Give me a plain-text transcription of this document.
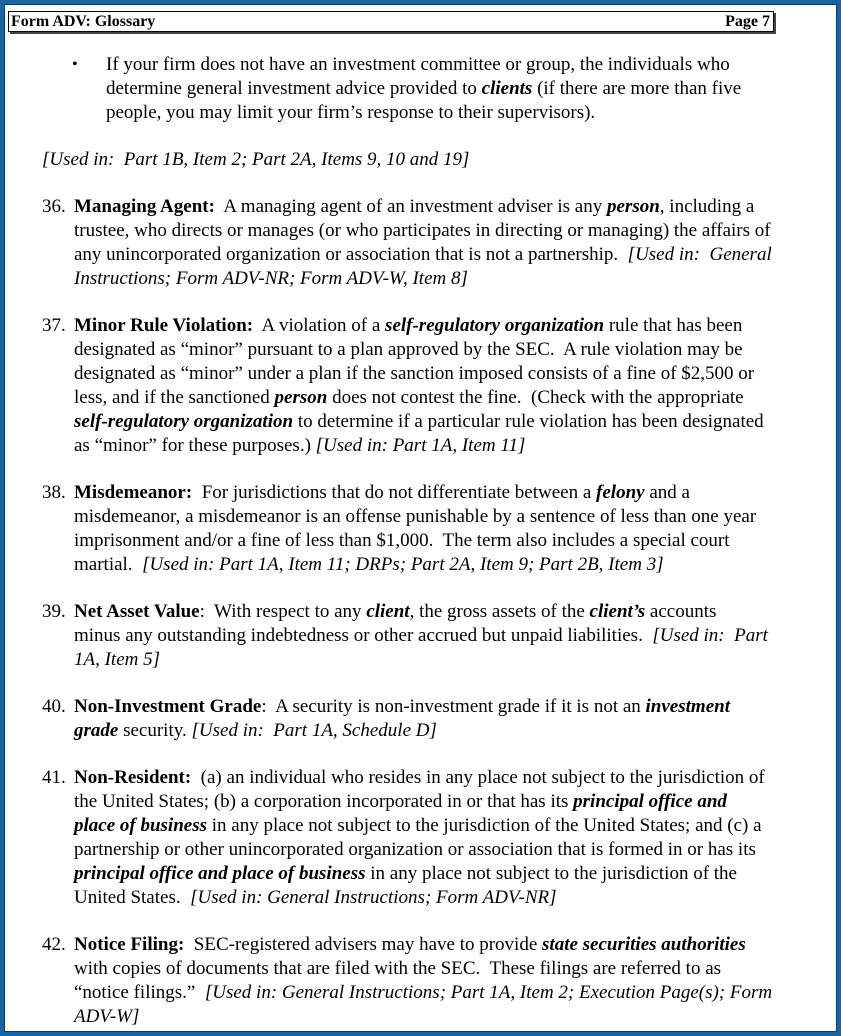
Form ADV: Glossary	Page 7
•	If your firm does not have an investment committee or group, the individuals who
determine general investment advice provided to clients (if there are more than five
people, you may limit your firm’s response to their supervisors).
[Used in:  Part 1B, Item 2; Part 2A, Items 9, 10 and 19]
36. Managing Agent:  A managing agent of an investment adviser is any person, including a
trustee, who directs or manages (or who participates in directing or managing) the affairs of
any unincorporated organization or association that is not a partnership.  [Used in:  General
Instructions; Form ADV-NR; Form ADV-W, Item 8]
37. Minor Rule Violation:  A violation of a self-regulatory organization rule that has been
designated as “minor” pursuant to a plan approved by the SEC.  A rule violation may be
designated as “minor” under a plan if the sanction imposed consists of a fine of $2,500 or
less, and if the sanctioned person does not contest the fine.  (Check with the appropriate
self-regulatory organization to determine if a particular rule violation has been designated
as “minor” for these purposes.) [Used in: Part 1A, Item 11]
38. Misdemeanor:  For jurisdictions that do not differentiate between a felony and a
misdemeanor, a misdemeanor is an offense punishable by a sentence of less than one year
imprisonment and/or a fine of less than $1,000.  The term also includes a special court
martial.  [Used in: Part 1A, Item 11; DRPs; Part 2A, Item 9; Part 2B, Item 3]
39. Net Asset Value:  With respect to any client, the gross assets of the client’s accounts
minus any outstanding indebtedness or other accrued but unpaid liabilities.  [Used in:  Part
1A, Item 5]
40. Non-Investment Grade:  A security is non-investment grade if it is not an investment
grade security. [Used in:  Part 1A, Schedule D]
41. Non-Resident:  (a) an individual who resides in any place not subject to the jurisdiction of
the United States; (b) a corporation incorporated in or that has its principal office and
place of business in any place not subject to the jurisdiction of the United States; and (c) a
partnership or other unincorporated organization or association that is formed in or has its
principal office and place of business in any place not subject to the jurisdiction of the
United States.  [Used in: General Instructions; Form ADV-NR]
42. Notice Filing:  SEC-registered advisers may have to provide state securities authorities
with copies of documents that are filed with the SEC.  These filings are referred to as
“notice filings.”  [Used in: General Instructions; Part 1A, Item 2; Execution Page(s); Form
ADV-W]
